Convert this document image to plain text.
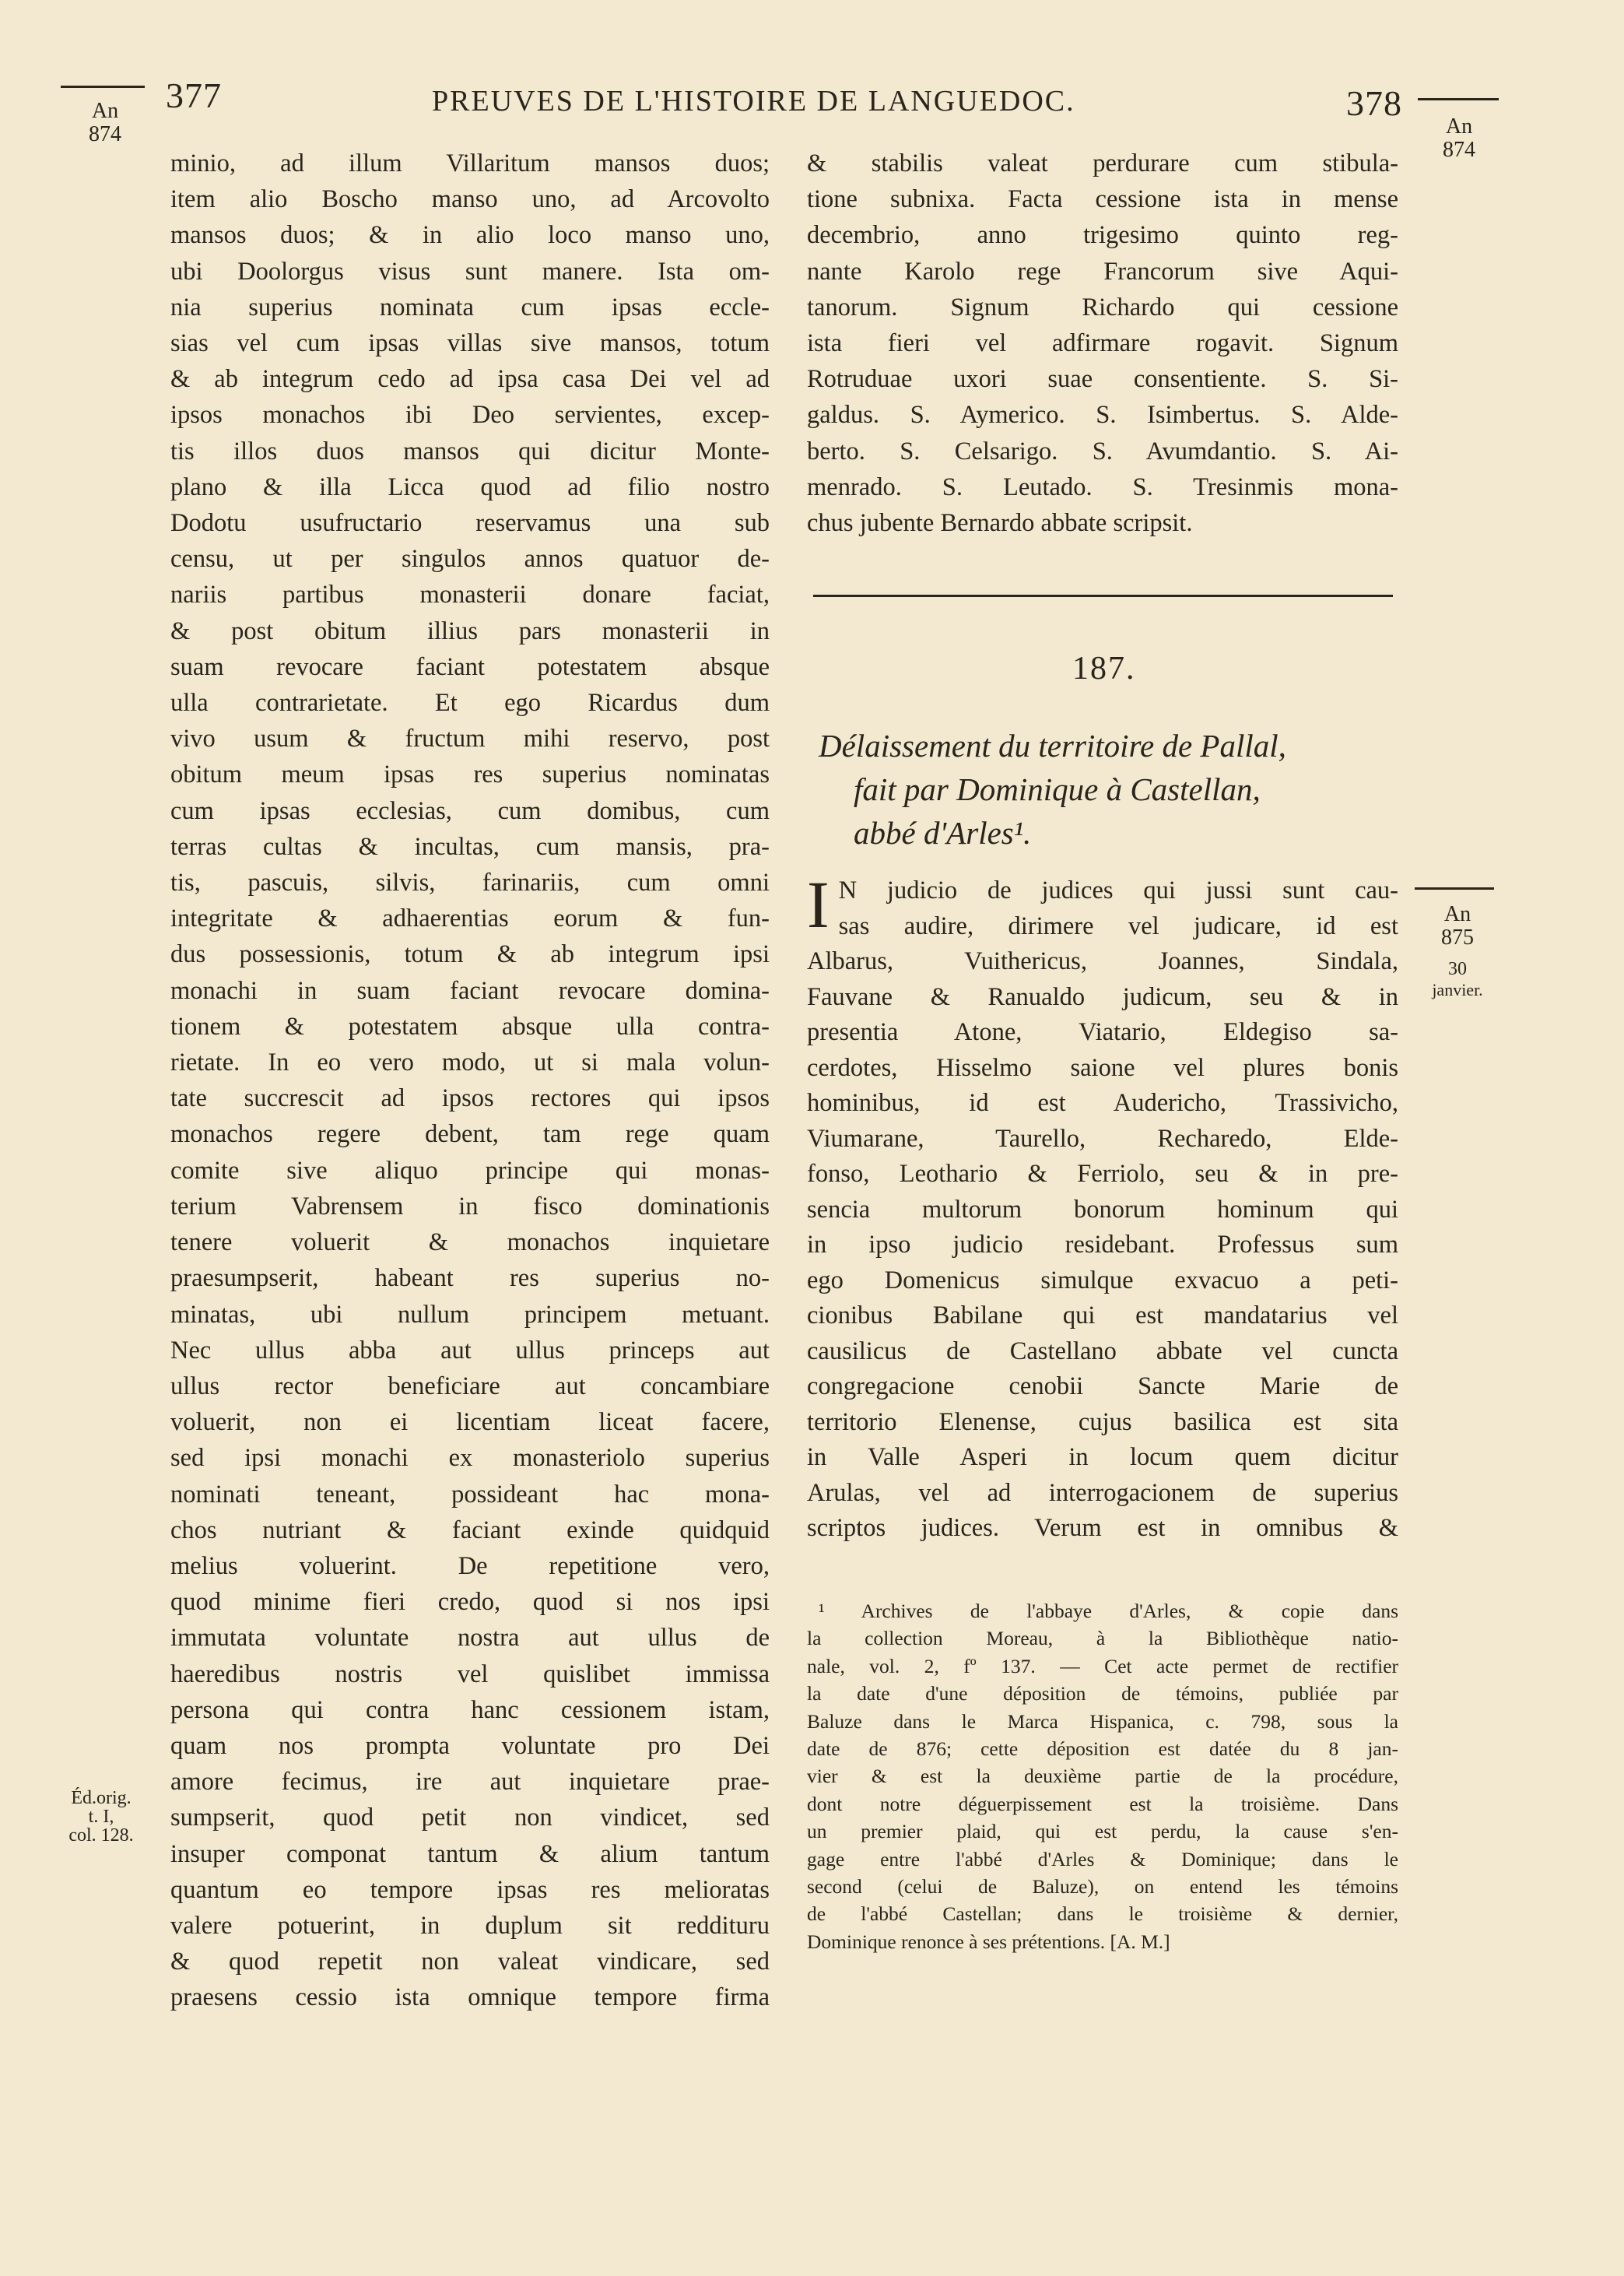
377	PREUVES DE L'HISTOIRE DE LANGUEDOC.	378
An
874	An
874
An
875
30
janvier.
Éd.orig.
t. I,
col. 128.
minio, ad illum Villaritum mansos duos;
item alio Boscho manso uno, ad Arcovolto
mansos duos; & in alio loco manso uno,
ubi Doolorgus visus sunt manere. Ista om-
nia superius nominata cum ipsas eccle-
sias vel cum ipsas villas sive mansos, totum
& ab integrum cedo ad ipsa casa Dei vel ad
ipsos monachos ibi Deo servientes, excep-
tis illos duos mansos qui dicitur Monte-
plano & illa Licca quod ad filio nostro
Dodotu usufructario reservamus una sub
censu, ut per singulos annos quatuor de-
nariis partibus monasterii donare faciat,
& post obitum illius pars monasterii in
suam revocare faciant potestatem absque
ulla contrarietate. Et ego Ricardus dum
vivo usum & fructum mihi reservo, post
obitum meum ipsas res superius nominatas
cum ipsas ecclesias, cum domibus, cum
terras cultas & incultas, cum mansis, pra-
tis, pascuis, silvis, farinariis, cum omni
integritate & adhaerentias eorum & fun-
dus possessionis, totum & ab integrum ipsi
monachi in suam faciant revocare domina-
tionem & potestatem absque ulla contra-
rietate. In eo vero modo, ut si mala volun-
tate succrescit ad ipsos rectores qui ipsos
monachos regere debent, tam rege quam
comite sive aliquo principe qui monas-
terium Vabrensem in fisco dominationis
tenere voluerit & monachos inquietare
praesumpserit, habeant res superius no-
minatas, ubi nullum principem metuant.
Nec ullus abba aut ullus princeps aut
ullus rector beneficiare aut concambiare
voluerit, non ei licentiam liceat facere,
sed ipsi monachi ex monasteriolo superius
nominati teneant, possideant hac mona-
chos nutriant & faciant exinde quidquid
melius voluerint. De repetitione vero,
quod minime fieri credo, quod si nos ipsi
immutata voluntate nostra aut ullus de
haeredibus nostris vel quislibet immissa
persona qui contra hanc cessionem istam,
quam nos prompta voluntate pro Dei
amore fecimus, ire aut inquietare prae-
sumpserit, quod petit non vindicet, sed
insuper componat tantum & alium tantum
quantum eo tempore ipsas res melioratas
valere potuerint, in duplum sit reddituru
& quod repetit non valeat vindicare, sed
praesens cessio ista omnique tempore firma
& stabilis valeat perdurare cum stibula-
tione subnixa. Facta cessione ista in mense
decembrio, anno trigesimo quinto reg-
nante Karolo rege Francorum sive Aqui-
tanorum. Signum Richardo qui cessione
ista fieri vel adfirmare rogavit. Signum
Rotruduae uxori suae consentiente. S. Si-
galdus. S. Aymerico. S. Isimbertus. S. Alde-
berto. S. Celsarigo. S. Avumdantio. S. Ai-
menrado. S. Leutado. S. Tresinmis mona-
chus jubente Bernardo abbate scripsit.
187.
Délaissement du territoire de Pallal,
fait par Dominique à Castellan,
abbé d'Arles¹.
I N judicio de judices qui jussi sunt cau-
sas audire, dirimere vel judicare, id est
Albarus, Vuithericus, Joannes, Sindala,
Fauvane & Ranualdo judicum, seu & in
presentia Atone, Viatario, Eldegiso sa-
cerdotes, Hisselmo saione vel plures bonis
hominibus, id est Audericho, Trassivicho,
Viumarane, Taurello, Recharedo, Elde-
fonso, Leothario & Ferriolo, seu & in pre-
sencia multorum bonorum hominum qui
in ipso judicio residebant. Professus sum
ego Domenicus simulque exvacuo a peti-
cionibus Babilane qui est mandatarius vel
causilicus de Castellano abbate vel cuncta
congregacione cenobii Sancte Marie de
territorio Elenense, cujus basilica est sita
in Valle Asperi in locum quem dicitur
Arulas, vel ad interrogacionem de superius
scriptos judices. Verum est in omnibus &
¹ Archives de l'abbaye d'Arles, & copie dans
la collection Moreau, à la Bibliothèque natio-
nale, vol. 2, fº 137. — Cet acte permet de rectifier
la date d'une déposition de témoins, publiée par
Baluze dans le Marca Hispanica, c. 798, sous la
date de 876; cette déposition est datée du 8 jan-
vier & est la deuxième partie de la procédure,
dont notre déguerpissement est la troisième. Dans
un premier plaid, qui est perdu, la cause s'en-
gage entre l'abbé d'Arles & Dominique; dans le
second (celui de Baluze), on entend les témoins
de l'abbé Castellan; dans le troisième & dernier,
Dominique renonce à ses prétentions. [A. M.]
